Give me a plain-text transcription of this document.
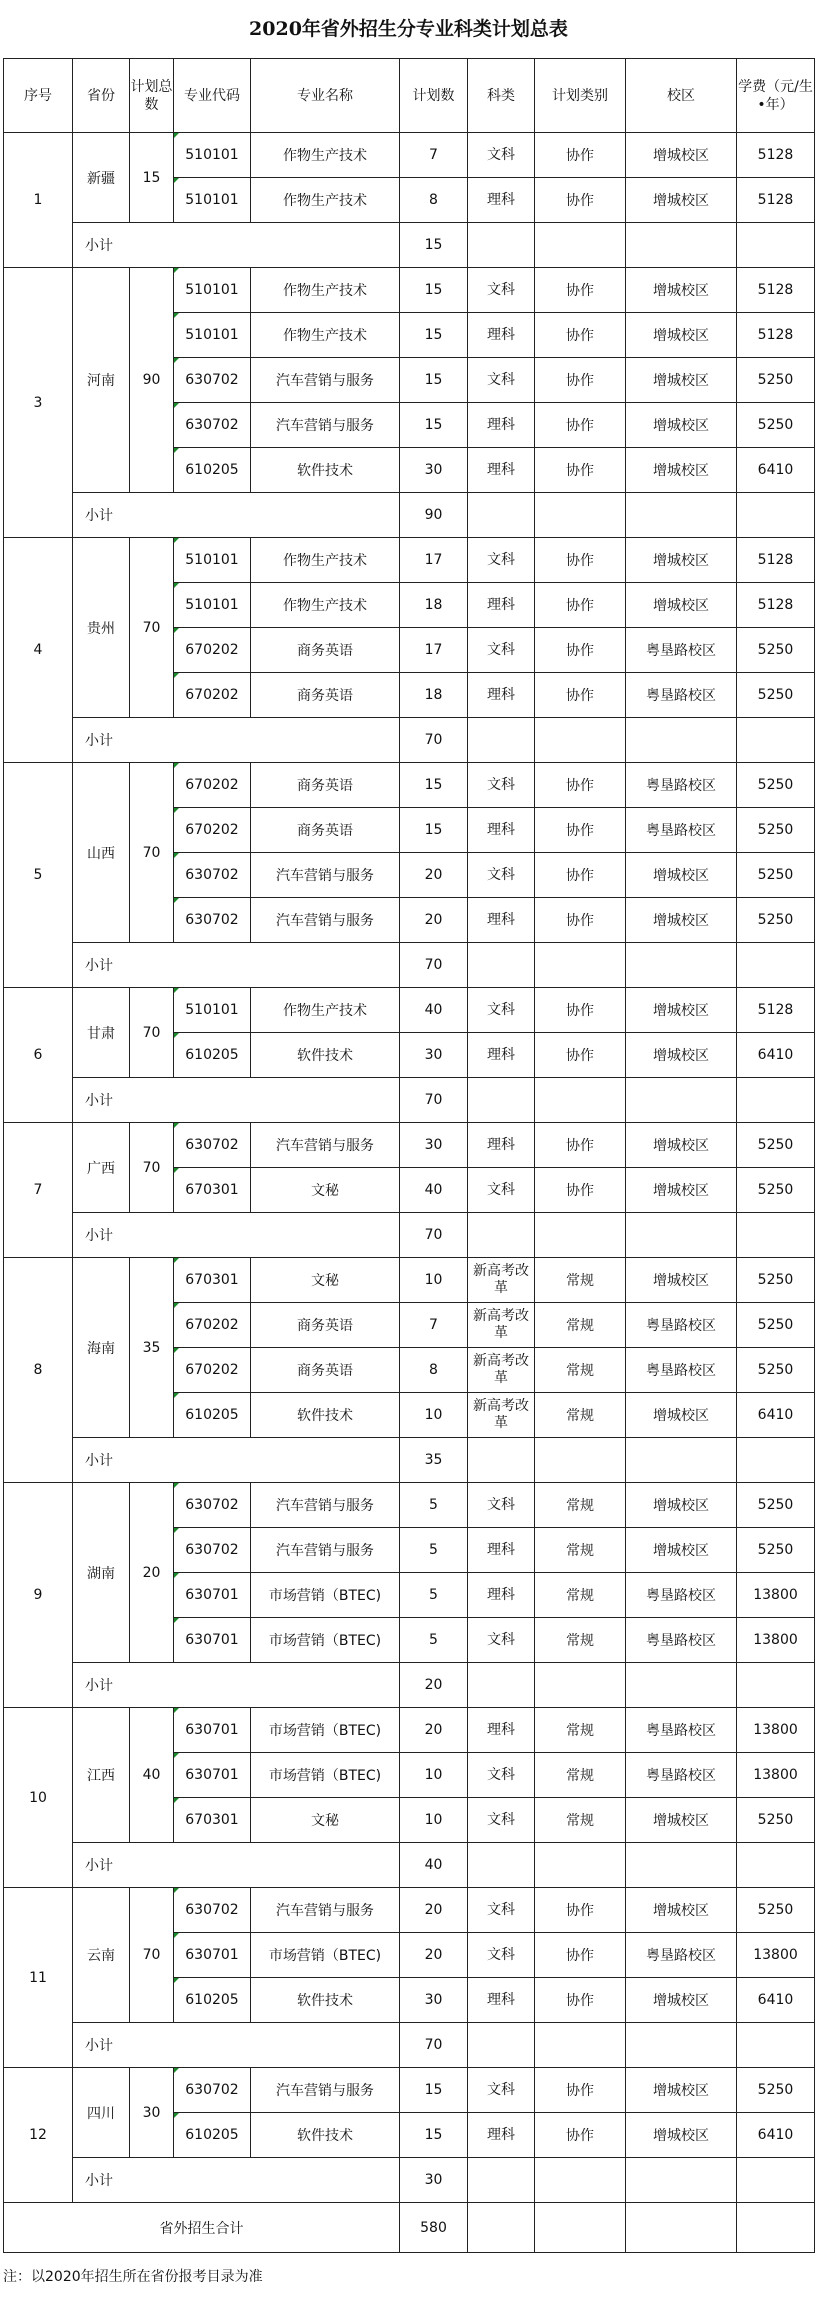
2020年省外招生分专业科类计划总表
序号	省份	计划总数	专业代码	专业名称	计划数	科类	计划类别	校区	学费（元/生•年）
1	新疆	15	510101	作物生产技术	7	文科	协作	增城校区	5128
			510101	作物生产技术	8	理科	协作	增城校区	5128
	小计				15				
3	河南	90	510101	作物生产技术	15	文科	协作	增城校区	5128
			510101	作物生产技术	15	理科	协作	增城校区	5128
			630702	汽车营销与服务	15	文科	协作	增城校区	5250
			630702	汽车营销与服务	15	理科	协作	增城校区	5250
			610205	软件技术	30	理科	协作	增城校区	6410
	小计				90				
4	贵州	70	510101	作物生产技术	17	文科	协作	增城校区	5128
			510101	作物生产技术	18	理科	协作	增城校区	5128
			670202	商务英语	17	文科	协作	粤垦路校区	5250
			670202	商务英语	18	理科	协作	粤垦路校区	5250
	小计				70				
5	山西	70	670202	商务英语	15	文科	协作	粤垦路校区	5250
			670202	商务英语	15	理科	协作	粤垦路校区	5250
			630702	汽车营销与服务	20	文科	协作	增城校区	5250
			630702	汽车营销与服务	20	理科	协作	增城校区	5250
	小计				70				
6	甘肃	70	510101	作物生产技术	40	文科	协作	增城校区	5128
			610205	软件技术	30	理科	协作	增城校区	6410
	小计				70				
7	广西	70	630702	汽车营销与服务	30	理科	协作	增城校区	5250
			670301	文秘	40	文科	协作	增城校区	5250
	小计				70				
8	海南	35	670301	文秘	10	新高考改革	常规	增城校区	5250
			670202	商务英语	7	新高考改革	常规	粤垦路校区	5250
			670202	商务英语	8	新高考改革	常规	粤垦路校区	5250
			610205	软件技术	10	新高考改革	常规	增城校区	6410
	小计				35				
9	湖南	20	630702	汽车营销与服务	5	文科	常规	增城校区	5250
			630702	汽车营销与服务	5	理科	常规	增城校区	5250
			630701	市场营销（BTEC)	5	理科	常规	粤垦路校区	13800
			630701	市场营销（BTEC)	5	文科	常规	粤垦路校区	13800
	小计				20				
10	江西	40	630701	市场营销（BTEC)	20	理科	常规	粤垦路校区	13800
			630701	市场营销（BTEC)	10	文科	常规	粤垦路校区	13800
			670301	文秘	10	文科	常规	增城校区	5250
	小计				40				
11	云南	70	630702	汽车营销与服务	20	文科	协作	增城校区	5250
			630701	市场营销（BTEC)	20	文科	协作	粤垦路校区	13800
			610205	软件技术	30	理科	协作	增城校区	6410
	小计				70				
12	四川	30	630702	汽车营销与服务	15	文科	协作	增城校区	5250
			610205	软件技术	15	理科	协作	增城校区	6410
	小计				30				
省外招生合计					580				
注：以2020年招生所在省份报考目录为准
